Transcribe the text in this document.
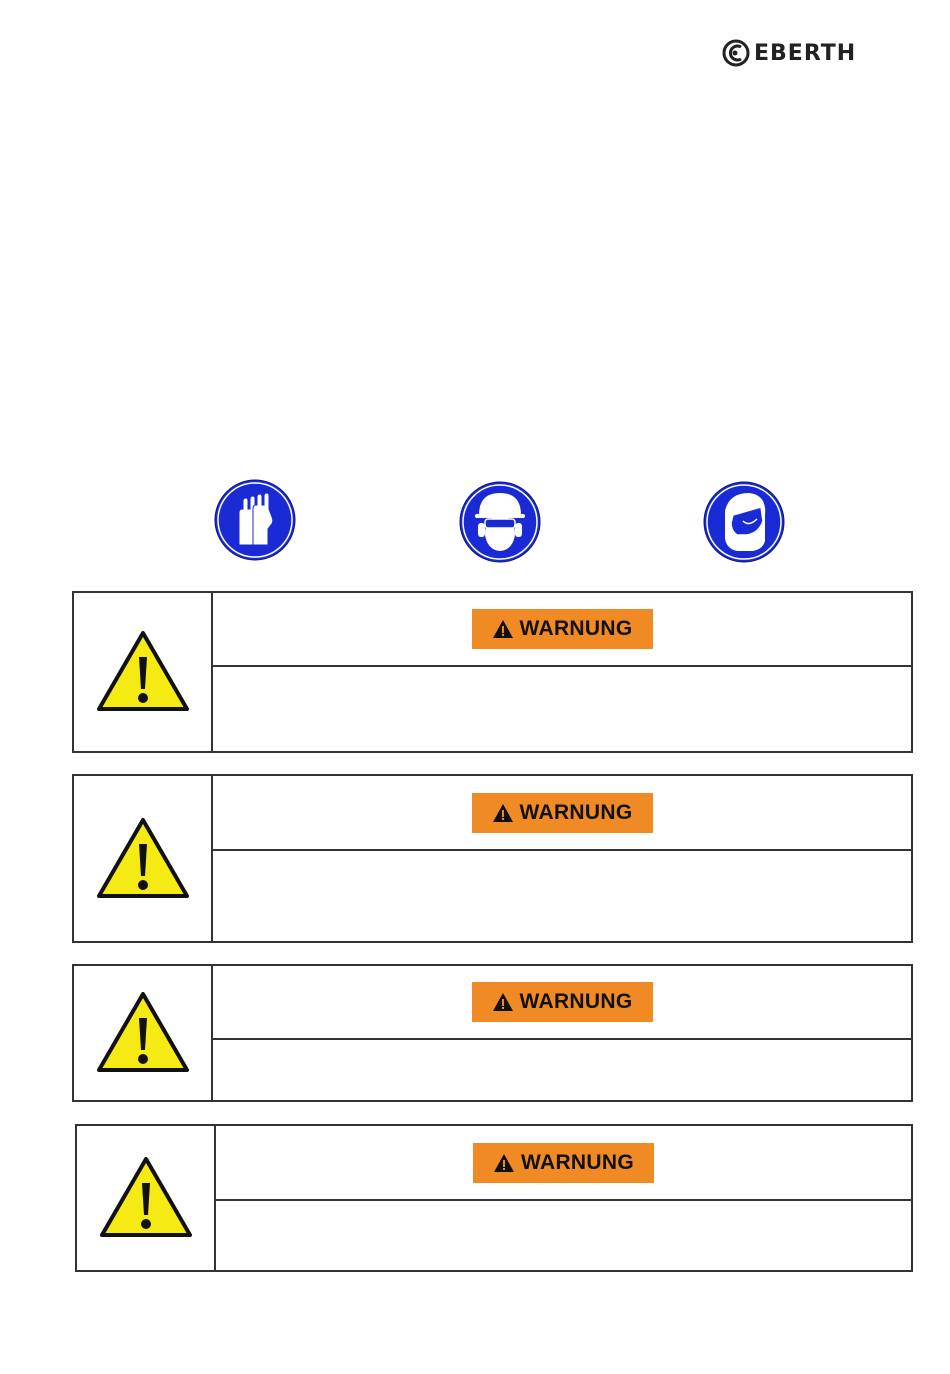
EBERTH
WARNUNG
WARNUNG
WARNUNG
WARNUNG
